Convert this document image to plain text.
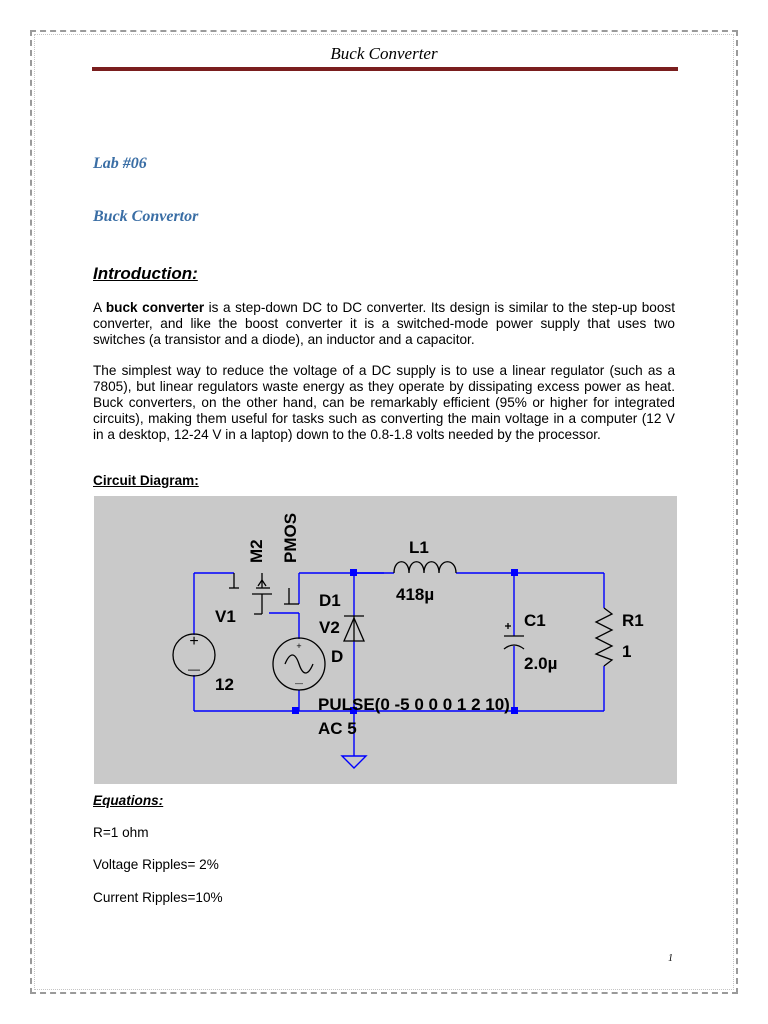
Buck Converter
Lab #06
Buck Convertor
Introduction:
A buck converter is a step-down DC to DC converter. Its design is similar to the step-up boost converter, and like the boost converter it is a switched-mode power supply that uses two switches (a transistor and a diode), an inductor and a capacitor.
The simplest way to reduce the voltage of a DC supply is to use a linear regulator (such as a 7805), but linear regulators waste energy as they operate by dissipating excess power as heat. Buck converters, on the other hand, can be remarkably efficient (95% or higher for integrated circuits), making them useful for tasks such as converting the main voltage in a computer (12 V in a desktop, 12-24 V in a laptop) down to the 0.8-1.8 volts needed by the processor.
Circuit Diagram:
+
—
+
—
M2 PMOS	L1
418µ
V1
12
D1
V2
D
C1
2.0µ
R1
1
PULSE(0 -5 0 0 0 1 2 10)
AC 5
Equations:
R=1 ohm
Voltage Ripples= 2%
Current Ripples=10%
1
